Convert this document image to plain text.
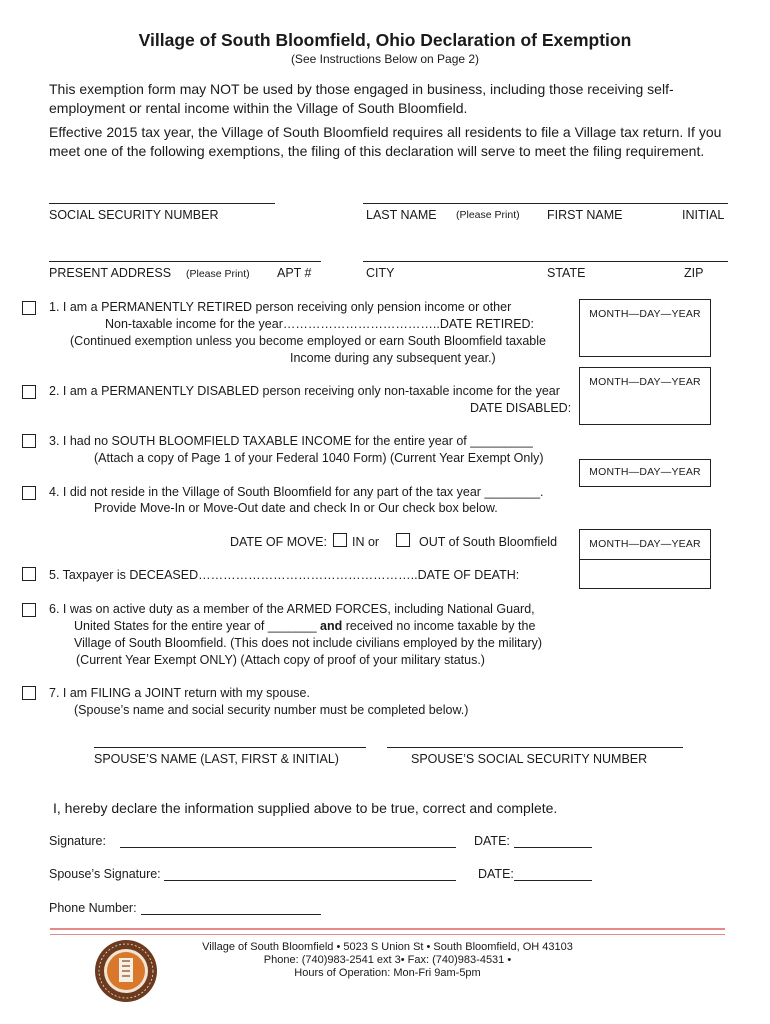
Village of South Bloomfield, Ohio Declaration of Exemption
(See Instructions Below on Page 2)
This exemption form may NOT be used by those engaged in business, including those receiving self-employment or rental income within the Village of South Bloomfield.
Effective 2015 tax year, the Village of South Bloomfield requires all residents to file a Village tax return. If you meet one of the following exemptions, the filing of this declaration will serve to meet the filing requirement.
SOCIAL SECURITY NUMBER	LAST NAME (Please Print) FIRST NAME	INITIAL
PRESENT ADDRESS (Please Print) APT #	CITY	STATE	ZIP
1. I am a PERMANENTLY RETIRED person receiving only pension income or other
Non-taxable income for the year………………………………..DATE RETIRED:
(Continued exemption unless you become employed or earn South Bloomfield taxable
Income during any subsequent year.)
MONTH—DAY—YEAR
2. I am a PERMANENTLY DISABLED person receiving only non-taxable income for the year
DATE DISABLED:
MONTH—DAY—YEAR
3. I had no SOUTH BLOOMFIELD TAXABLE INCOME for the entire year of _________
(Attach a copy of Page 1 of your Federal 1040 Form) (Current Year Exempt Only)
4. I did not reside in the Village of South Bloomfield for any part of the tax year ________.
Provide Move-In or Move-Out date and check In or Our check box below.
MONTH—DAY—YEAR
DATE OF MOVE: IN or	OUT of South Bloomfield	MONTH—DAY—YEAR
5. Taxpayer is DECEASED……………………………………………..DATE OF DEATH:
6. I was on active duty as a member of the ARMED FORCES, including National Guard,
United States for the entire year of _______ and received no income taxable by the
Village of South Bloomfield. (This does not include civilians employed by the military)
(Current Year Exempt ONLY) (Attach copy of proof of your military status.)
7. I am FILING a JOINT return with my spouse.
(Spouse’s name and social security number must be completed below.)
SPOUSE’S NAME (LAST, FIRST & INITIAL)	SPOUSE’S SOCIAL SECURITY NUMBER
I, hereby declare the information supplied above to be true, correct and complete.
Signature:	DATE:
Spouse’s Signature:	DATE:
Phone Number:
Village of South Bloomfield • 5023 S Union St • South Bloomfield, OH 43103
Phone: (740)983-2541 ext 3• Fax: (740)983-4531 •
Hours of Operation: Mon-Fri 9am-5pm
